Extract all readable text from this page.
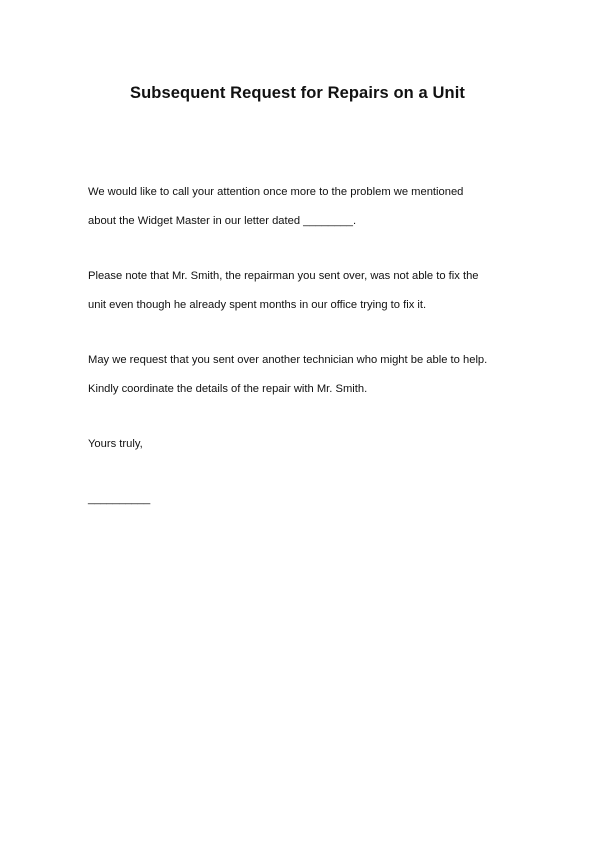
Subsequent Request for Repairs on a Unit

We would like to call your attention once more to the problem we mentioned
about the Widget Master in our letter dated ________.

Please note that Mr. Smith, the repairman you sent over, was not able to fix the
unit even though he already spent months in our office trying to fix it.

May we request that you sent over another technician who might be able to help.
Kindly coordinate the details of the repair with Mr. Smith.

Yours truly,

__________
